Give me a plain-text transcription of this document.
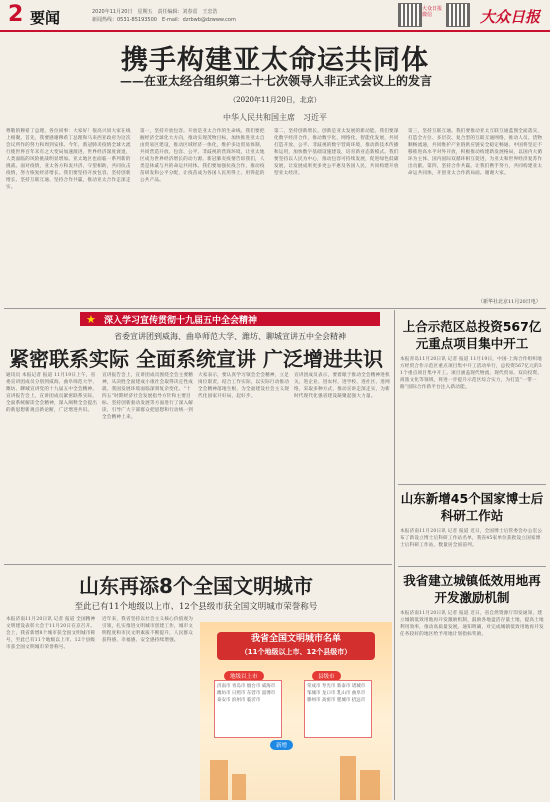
2 要闻	2020年11月20日　星期五　责任编辑：刘春雷　王忠浩
新闻热线：0531-85193500　E-mail：dzrbwb@dzwww.com
大众日报
微信	大众日报
携手构建亚太命运共同体
——在亚太经合组织第二十七次领导人非正式会议上的发言
（2020年11月20日，北京）
中华人民共和国主席　习近平
尊敬的穆希丁总理，各位同事：大家好！很高兴同大家在线上相聚。首先，我要感谢穆希丁总理和马来西亚政府为这次会议所作的努力和周到安排。今年，新冠肺炎疫情全球大流行使世界百年未有之大变局加速演进，世界经济深度衰退，人类面临的风险挑战明显增加。亚太地区也面临一系列新的挑战。面对疫情，亚太各方和衷共济，守望相助，共同抗击疫情，努力恢复经济增长。我们要坚持开放包容、坚持创新增长、坚持互联互通、坚持合作共赢，推动亚太合作走深走实。
第一，坚持开放包容。开放是亚太合作的生命线。我们要把握经济全球化大方向，推动实现茂物目标，加快推进亚太自由贸易区建设，推动区域经济一体化，维护多边贸易体制，共同营造开放、包容、公平、非歧视的营商环境，让亚太地区成为世界经济增长的动力源。新冠肺炎疫情告诉我们，人类是休戚与共的命运共同体。我们要加强抗疫合作，推动疫苗研发和公平分配，让疫苗成为各国人民用得上、用得起的公共产品。
第二，坚持创新增长。创新是亚太发展的新动能。我们要深化数字经济合作，推动数字化、网络化、智能化发展，共同打造开放、公平、非歧视的数字营商环境，推动新技术传播和运用，加快数字基础设施建设，培育新业态新模式。我们要坚持以人民为中心，推动包容可持续发展，促进绿色低碳发展，让发展成果更多更公平惠及各国人民，共同构建开放型亚太经济。
第三，坚持互联互通。我们要推动亚太互联互通蓝图全面落实，打造全方位、多层次、复合型的互联互通网络，推动人员、货物顺畅流通，共同维护产业链供应链安全稳定畅通。中国将坚定不移推进高水平对外开放，积极推动构建新发展格局，以国内大循环为主体、国内国际双循环相互促进，为亚太和世界经济复苏作出贡献。第四，坚持合作共赢。让我们携手努力，共同构建亚太命运共同体，开创亚太合作新局面。谢谢大家。
（新华社北京11月20日电）
深入学习宣传贯彻十九届五中全会精神
★
省委宣讲团到威海、曲阜师范大学、潍坊、聊城宣讲五中全会精神
紧密联系实际 全面系统宣讲 广泛增进共识
通讯员 本报记者 报道 11月19日上午，省委宣讲团成员分别到威海、曲阜师范大学、潍坊、聊城宣讲党的十九届五中全会精神。宣讲报告会上，宣讲团成员紧密联系实际，全面系统解读全会精神，深入阐释全会提出的新思想新观点新论断，广泛增进共识。
宣讲报告会上，宣讲团成员围绕全会主要精神，从决胜全面建成小康社会取得决定性成就、我国发展环境面临深刻复杂变化、“十四五”时期经济社会发展指导方针和主要目标、坚持创新驱动发展等方面进行了深入解读，引导广大干部群众把思想和行动统一到全会精神上来。
大家表示，要认真学习领会全会精神，立足岗位职责，结合工作实际，以实际行动推动全会精神落地生根，为全面建设社会主义现代化国家开好局、起好步。
宣讲团成员表示，要着眼于推动全会精神进机关、进企业、进农村、进学校、进社区、进网络，采取多种方式，推动宣讲走深走实，为新时代现代化强省建设凝聚起强大力量。
山东再添8个全国文明城市
至此已有11个地级以上市、12个县级市获全国文明城市荣誉称号
本报济南11月20日讯 记者 报道 全国精神文明建设表彰大会于11月20日在京召开。会上，我省新增8个城市获全国文明城市称号，至此已有11个地级以上市、12个县级市获全国文明城市荣誉称号。
近年来，我省坚持以社会主义核心价值观为引领，扎实推进文明城市创建工作，城市文明程度和市民文明素质不断提升，人民群众获得感、幸福感、安全感持续增强。	我省全国文明城市名单
（11个地级以上市、12个县级市）
地级以上市	县级市
济南市 青岛市 烟台市 威海市 潍坊市 日照市 东营市 淄博市 泰安市 滨州市 临沂市
荣成市 寿光市 新泰市 诸城市 邹城市 龙口市 乳山市 曲阜市 滕州市 高密市 肥城市 招远市
新增
上合示范区总投资567亿元重点项目集中开工
本报青岛11月20日讯 记者 报道 11月19日，中国-上海合作组织地方经贸合作示范区重点项目集中开工活动举行，总投资567亿元的31个重点项目集中开工。项目涵盖现代物流、现代贸易、双向投资、商旅文化等领域，将进一步提升示范区综合实力，为打造“一带一路”国际合作新平台注入新动能。
山东新增45个国家博士后科研工作站
本报济南11月20日讯 记者 报道 近日，全国博士后管委会办公室公布了新设立博士后科研工作站名单，我省45家单位获批设立国家博士后科研工作站，数量居全国前列。
我省建立城镇低效用地再开发激励机制
本报济南11月20日讯 记者 报道 近日，省自然资源厅印发通知，建立城镇低效用地再开发激励机制，鼓励各地盘活存量土地，提高土地利用效率，推动高质量发展。通知明确，对完成城镇低效用地再开发任务较好的地区给予用地计划指标奖励。
